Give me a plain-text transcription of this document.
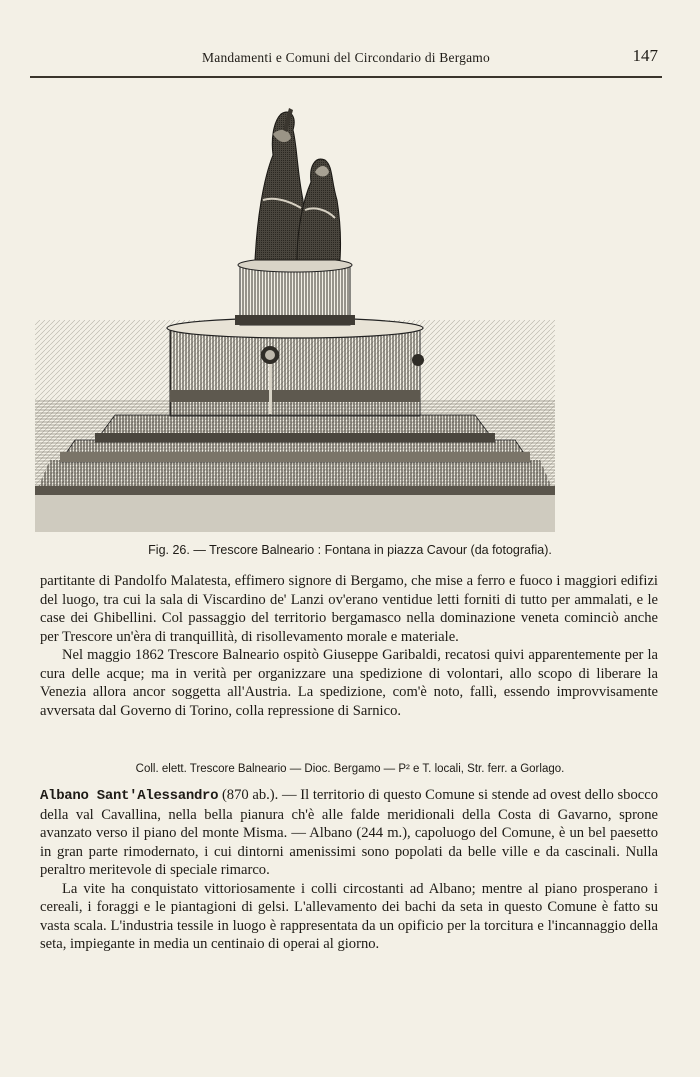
Mandamenti e Comuni del Circondario di Bergamo	147
Fig. 26. — Trescore Balneario : Fontana in piazza Cavour (da fotografia).

partitante di Pandolfo Malatesta, effimero signore di Bergamo, che mise a ferro e fuoco i maggiori edifizi del luogo, tra cui la sala di Viscardino de' Lanzi ov'erano ventidue letti forniti di tutto per ammalati, e le case dei Ghibellini. Col passaggio del territorio bergamasco nella dominazione veneta cominciò anche per Trescore un'èra di tranquillità, di risollevamento morale e materiale.

Nel maggio 1862 Trescore Balneario ospitò Giuseppe Garibaldi, recatosi quivi apparentemente per la cura delle acque; ma in verità per organizzare una spedizione di volontari, allo scopo di liberare la Venezia allora ancor soggetta all'Austria. La spedizione, com'è noto, fallì, essendo improvvisamente avversata dal Governo di Torino, colla repressione di Sarnico.

Coll. elett. Trescore Balneario — Dioc. Bergamo — P² e T. locali, Str. ferr. a Gorlago.

Albano Sant'Alessandro (870 ab.). — Il territorio di questo Comune si stende ad ovest dello sbocco della val Cavallina, nella bella pianura ch'è alle falde meridionali della Costa di Gavarno, sprone avanzato verso il piano del monte Misma. — Albano (244 m.), capoluogo del Comune, è un bel paesetto in gran parte rimodernato, i cui dintorni amenissimi sono popolati da belle ville e da cascinali. Nulla peraltro meritevole di speciale rimarco.

La vite ha conquistato vittoriosamente i colli circostanti ad Albano; mentre al piano prosperano i cereali, i foraggi e le piantagioni di gelsi. L'allevamento dei bachi da seta in questo Comune è fatto su vasta scala. L'industria tessile in luogo è rappresentata da un opificio per la torcitura e l'incannaggio della seta, impiegante in media un centinaio di operai al giorno.
